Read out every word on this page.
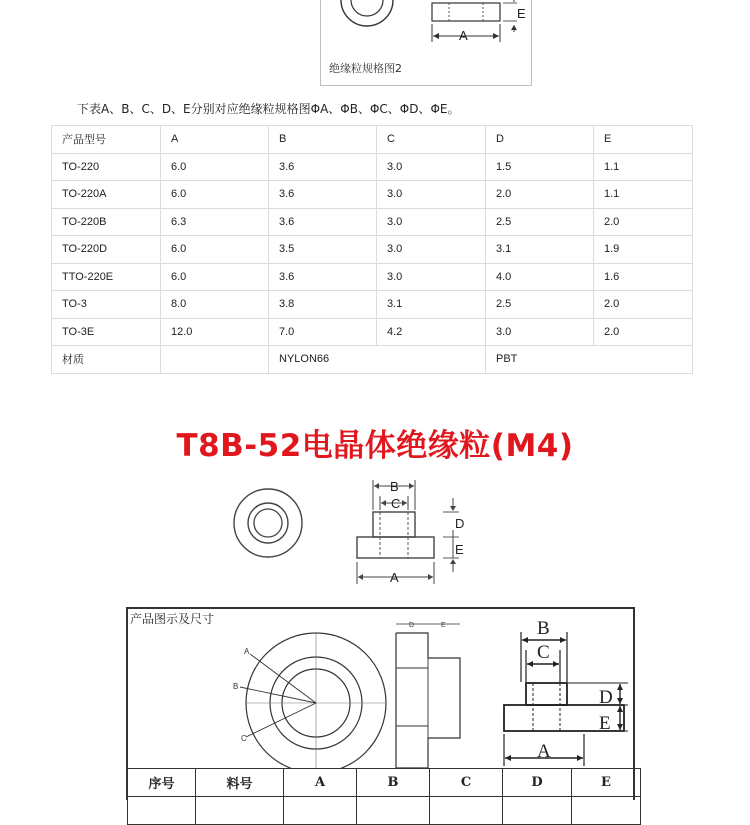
A
E
绝缘粒规格图2
下表A、B、C、D、E分别对应绝缘粒规格图ΦA、ΦB、ΦC、ΦD、ΦE。
产品型号	A	B	C	D	E
TO-220	6.0	3.6	3.0	1.5	1.1
TO-220A	6.0	3.6	3.0	2.0	1.1
TO-220B	6.3	3.6	3.0	2.5	2.0
TO-220D	6.0	3.5	3.0	3.1	1.9
TTO-220E	6.0	3.6	3.0	4.0	1.6
TO-3	8.0	3.8	3.1	2.5	2.0
TO-3E	12.0	7.0	4.2	3.0	2.0
材质		NYLON66		PBT	
T8B-52电晶体绝缘粒(M4)
B
C
D
E
A
产品图示及尺寸
A
B
C
D	E	B
C
D
E
A
序号	料号	A	B	C	D	E
